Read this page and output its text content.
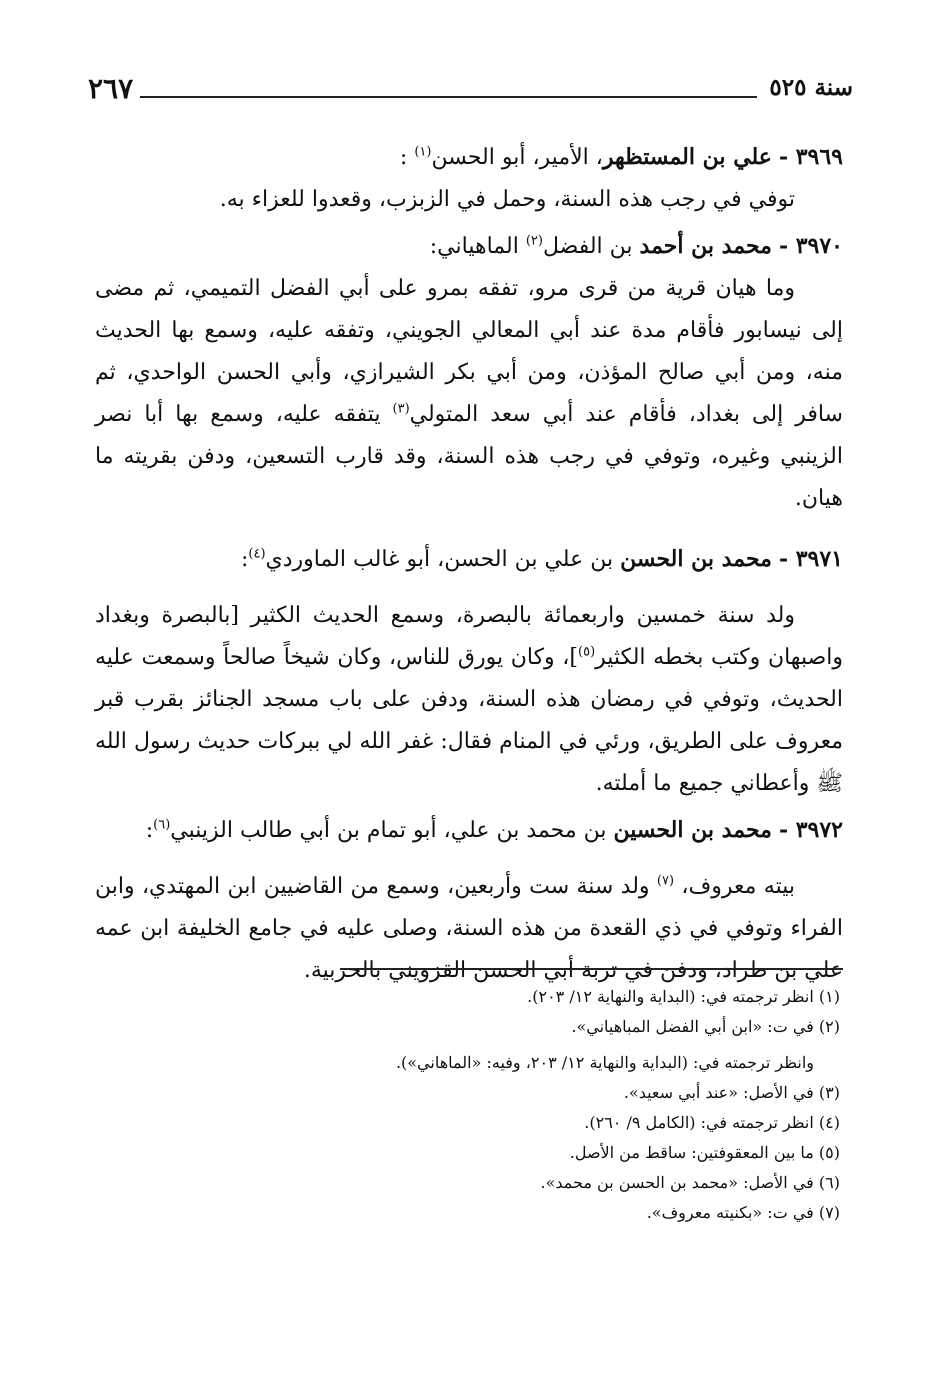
٢٦٧	سنة ٥٢٥

٣٩٦٩ - علي بن المستظهر، الأمير، أبو الحسن$^{(١)}$ :

توفي في رجب هذه السنة، وحمل في الزبزب، وقعدوا للعزاء به.

٣٩٧٠ - محمد بن أحمد بن الفضل$^{(٢)}$ الماهياني:

وما هيان قرية من قرى مرو، تفقه بمرو على أبي الفضل التميمي، ثم مضى إلى نيسابور فأقام مدة عند أبي المعالي الجويني، وتفقه عليه، وسمع بها الحديث منه، ومن أبي صالح المؤذن، ومن أبي بكر الشيرازي، وأبي الحسن الواحدي، ثم سافر إلى بغداد، فأقام عند أبي سعد المتولي$^{(٣)}$ يتفقه عليه، وسمع بها أبا نصر الزينبي وغيره، وتوفي في رجب هذه السنة، وقد قارب التسعين، ودفن بقريته ما هيان.

٣٩٧١ - محمد بن الحسن بن علي بن الحسن، أبو غالب الماوردي$^{(٤)}$:

ولد سنة خمسين واربعمائة بالبصرة، وسمع الحديث الكثير [بالبصرة وبغداد واصبهان وكتب بخطه الكثير$^{(٥)}$]، وكان يورق للناس، وكان شيخاً صالحاً وسمعت عليه الحديث، وتوفي في رمضان هذه السنة، ودفن على باب مسجد الجنائز بقرب قبر معروف على الطريق، ورئي في المنام فقال: غفر الله لي ببركات حديث رسول الله ﷺ وأعطاني جميع ما أملته.

٣٩٧٢ - محمد بن الحسين بن محمد بن علي، أبو تمام بن أبي طالب الزينبي$^{(٦)}$:

بيته معروف، $^{(٧)}$ ولد سنة ست وأربعين، وسمع من القاضيين ابن المهتدي، وابن الفراء وتوفي في ذي القعدة من هذه السنة، وصلى عليه في جامع الخليفة ابن عمه علي بن طراد، ودفن في تربة أبي الحسن القزويني بالحربية.

(١) انظر ترجمته في: (البداية والنهاية ١٢/ ٢٠٣).

(٢) في ت: «ابن أبي الفضل المباهياني».

وانظر ترجمته في: (البداية والنهاية ١٢/ ٢٠٣، وفيه: «الماهاني»).

(٣) في الأصل: «عند أبي سعيد».

(٤) انظر ترجمته في: (الكامل ٩/ ٢٦٠).

(٥) ما بين المعقوفتين: ساقط من الأصل.

(٦) في الأصل: «محمد بن الحسن بن محمد».

(٧) في ت: «بكنيته معروف».
